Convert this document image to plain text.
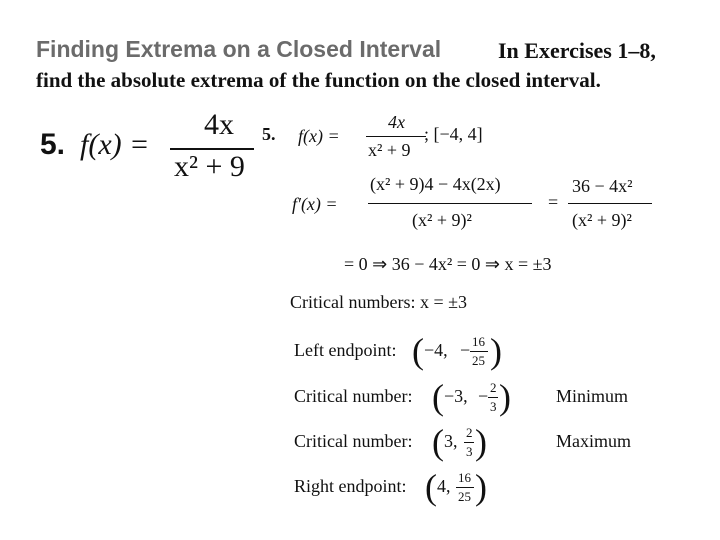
Finding Extrema on a Closed Interval	In Exercises 1–8,
find the absolute extrema of the function on the closed interval.
5. f(x) =
4x
x² + 9
5. f(x) =
4x
x² + 9
; [−4, 4]
f′(x) =
(x² + 9)4 − 4x(2x)
(x² + 9)²
=
36 − 4x²
(x² + 9)²
= 0 ⇒ 36 − 4x² = 0 ⇒ x = ±3
Critical numbers: x = ±3
Left endpoint: ( −4, − 16
25 )
Critical number: ( −3, − 2
3 )	Minimum
Critical number: ( 3, 2
3 )	Maximum
Right endpoint: ( 4, 16
25 )
